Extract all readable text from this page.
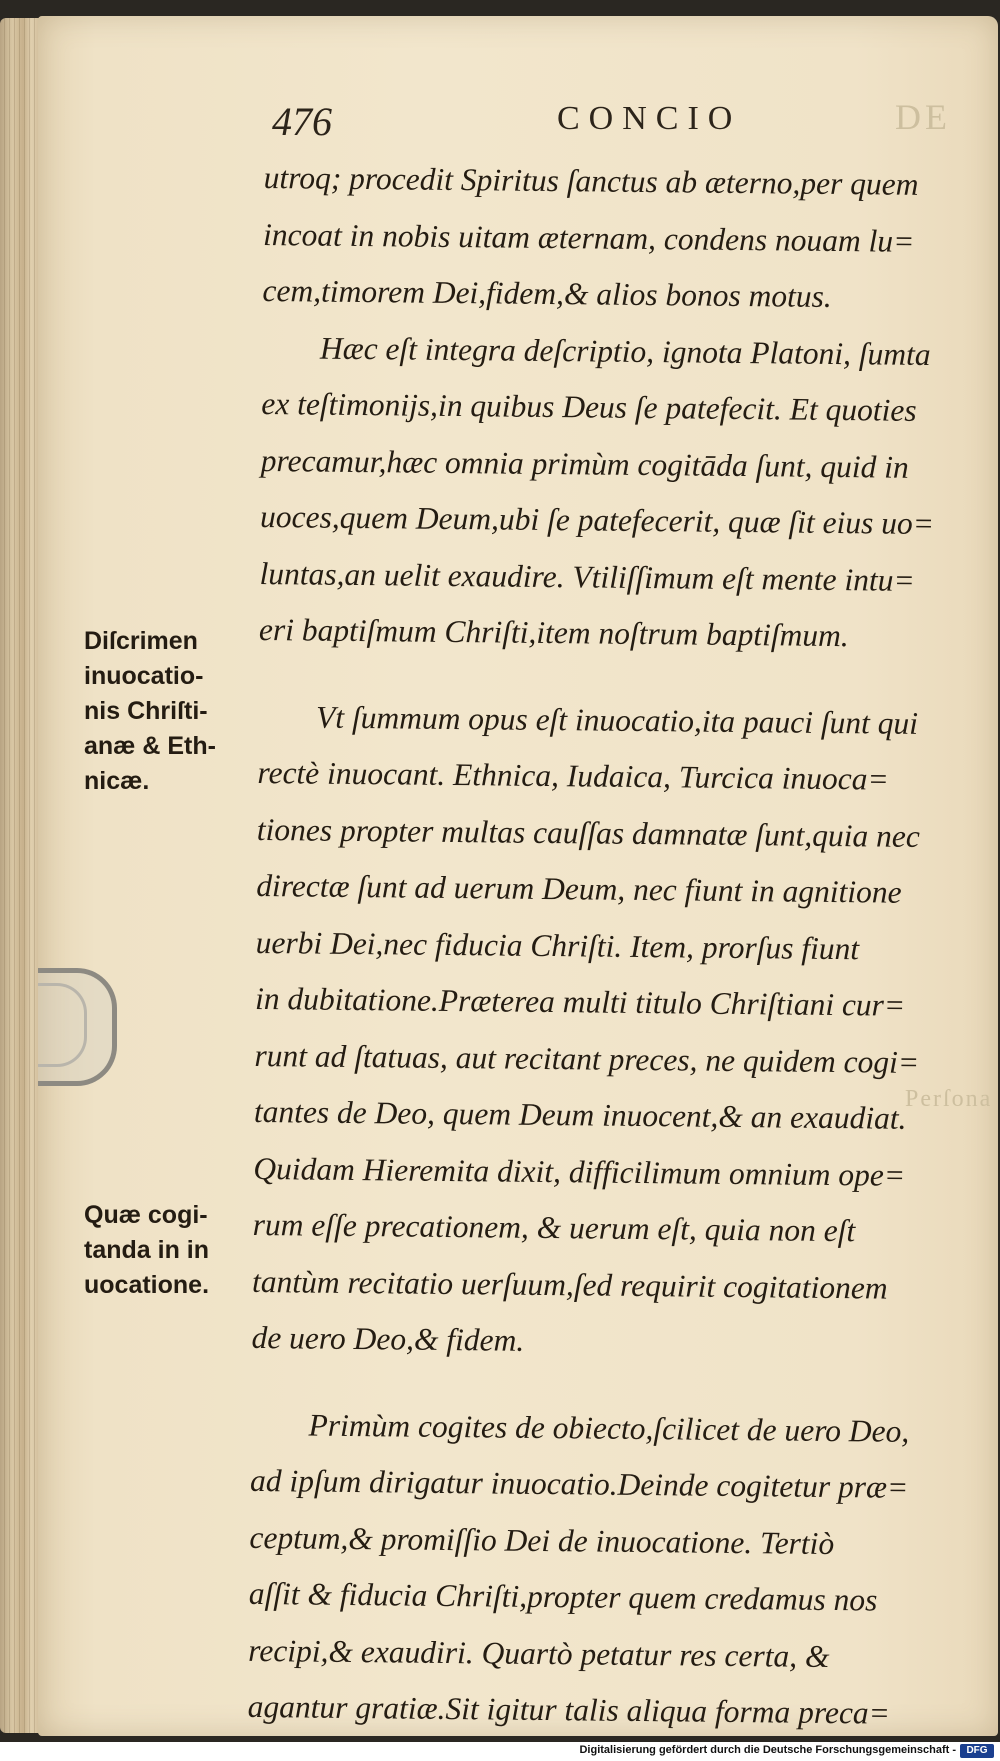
DE
Perſona
476	CONCIO
utroq; procedit Spiritus ſanctus ab æterno,per quem
incoat in nobis uitam æternam, condens nouam lu=
cem,timorem Dei,fidem,& alios bonos motus.
Hæc eſt integra deſcriptio, ignota Platoni, ſumta
ex teſtimonijs,in quibus Deus ſe patefecit. Et quoties
precamur,hæc omnia primùm cogitāda ſunt, quid in
uoces,quem Deum,ubi ſe patefecerit, quæ ſit eius uo=
luntas,an uelit exaudire. Vtiliſſimum eſt mente intu=
eri baptiſmum Chriſti,item noſtrum baptiſmum.
Vt ſummum opus eſt inuocatio,ita pauci ſunt qui
rectè inuocant. Ethnica, Iudaica, Turcica inuoca=
tiones propter multas cauſſas damnatæ ſunt,quia nec
directæ ſunt ad uerum Deum, nec fiunt in agnitione
uerbi Dei,nec fiducia Chriſti. Item, prorſus fiunt
in dubitatione.Præterea multi titulo Chriſtiani cur=
runt ad ſtatuas, aut recitant preces, ne quidem cogi=
tantes de Deo, quem Deum inuocent,& an exaudiat.
Quidam Hieremita dixit, difficilimum omnium ope=
rum eſſe precationem, & uerum eſt, quia non eſt
tantùm recitatio uerſuum,ſed requirit cogitationem
de uero Deo,& fidem.
Primùm cogites de obiecto,ſcilicet de uero Deo,
ad ipſum dirigatur inuocatio.Deinde cogitetur præ=
ceptum,& promiſſio Dei de inuocatione. Tertiò
aſſit & fiducia Chriſti,propter quem credamus nos
recipi,& exaudiri. Quartò petatur res certa, &
agantur gratiæ.Sit igitur talis aliqua forma preca=
Diſcrimen
inuocatio-
nis Chriſti-
anæ & Eth-
nicæ.
Quæ cogi-
tanda in in
uocatione.
Digitalisierung gefördert durch die Deutsche Forschungsgemeinschaft -	DFG
